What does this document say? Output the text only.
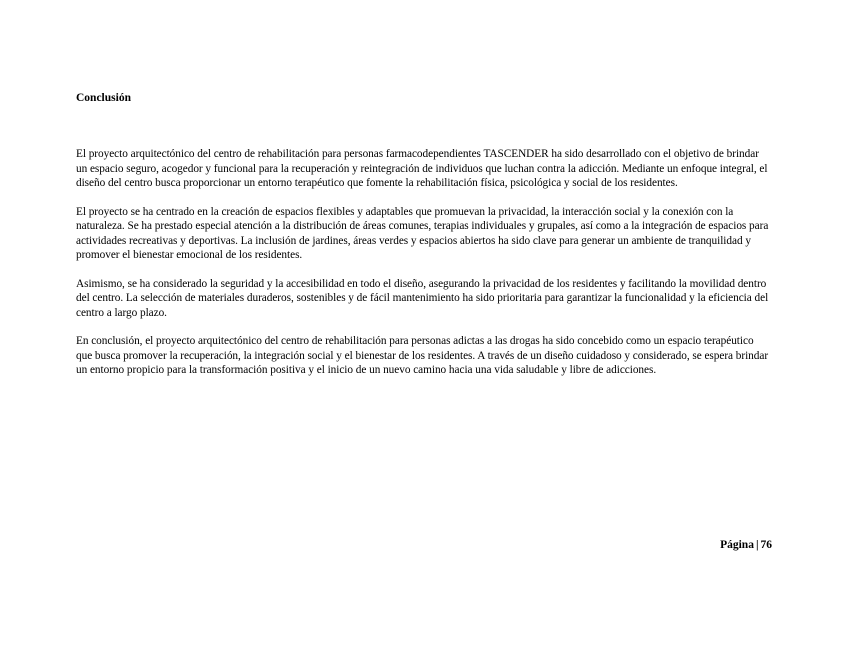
Conclusión

El proyecto arquitectónico del centro de rehabilitación para personas farmacodependientes TASCENDER ha sido desarrollado con el objetivo de brindar un espacio seguro, acogedor y funcional para la recuperación y reintegración de individuos que luchan contra la adicción. Mediante un enfoque integral, el diseño del centro busca proporcionar un entorno terapéutico que fomente la rehabilitación física, psicológica y social de los residentes.

El proyecto se ha centrado en la creación de espacios flexibles y adaptables que promuevan la privacidad, la interacción social y la conexión con la naturaleza. Se ha prestado especial atención a la distribución de áreas comunes, terapias individuales y grupales, así como a la integración de espacios para actividades recreativas y deportivas. La inclusión de jardines, áreas verdes y espacios abiertos ha sido clave para generar un ambiente de tranquilidad y promover el bienestar emocional de los residentes.

Asimismo, se ha considerado la seguridad y la accesibilidad en todo el diseño, asegurando la privacidad de los residentes y facilitando la movilidad dentro del centro. La selección de materiales duraderos, sostenibles y de fácil mantenimiento ha sido prioritaria para garantizar la funcionalidad y la eficiencia del centro a largo plazo.

En conclusión, el proyecto arquitectónico del centro de rehabilitación para personas adictas a las drogas ha sido concebido como un espacio terapéutico que busca promover la recuperación, la integración social y el bienestar de los residentes. A través de un diseño cuidadoso y considerado, se espera brindar un entorno propicio para la transformación positiva y el inicio de un nuevo camino hacia una vida saludable y libre de adicciones.

Página | 76
